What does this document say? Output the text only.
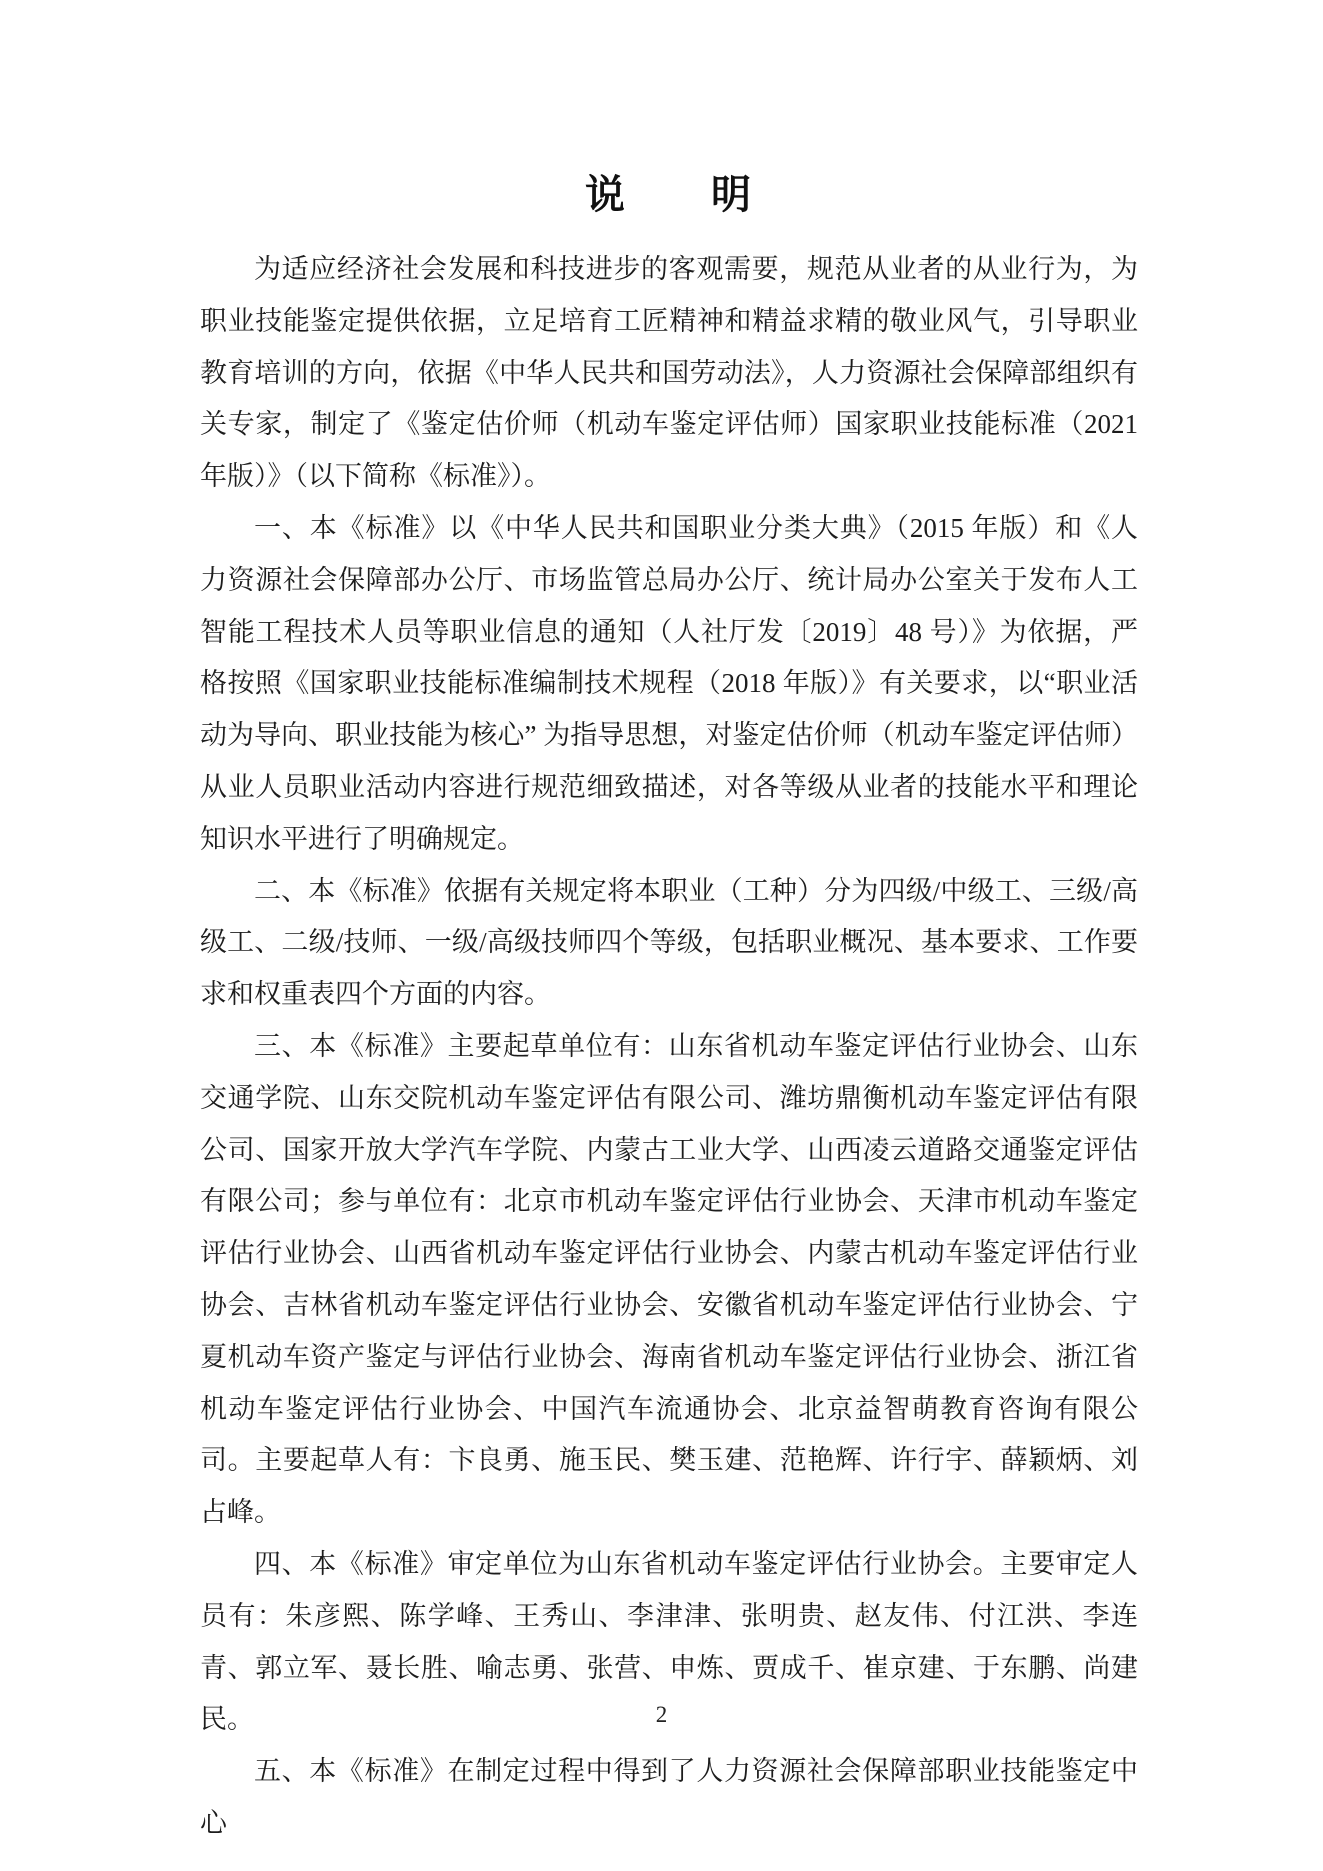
说　　明

为适应经济社会发展和科技进步的客观需要，规范从业者的从业行为，为职业技能鉴定提供依据，立足培育工匠精神和精益求精的敬业风气，引导职业教育培训的方向，依据《中华人民共和国劳动法》，人力资源社会保障部组织有关专家，制定了《鉴定估价师（机动车鉴定评估师）国家职业技能标准（2021 年版）》（以下简称《标准》）。

一、本《标准》以《中华人民共和国职业分类大典》（2015 年版）和《人力资源社会保障部办公厅、市场监管总局办公厅、统计局办公室关于发布人工智能工程技术人员等职业信息的通知（人社厅发〔2019〕48 号）》为依据，严格按照《国家职业技能标准编制技术规程（2018 年版）》有关要求，以“职业活动为导向、职业技能为核心” 为指导思想，对鉴定估价师（机动车鉴定评估师）从业人员职业活动内容进行规范细致描述，对各等级从业者的技能水平和理论知识水平进行了明确规定。

二、本《标准》依据有关规定将本职业（工种）分为四级/中级工、三级/高级工、二级/技师、一级/高级技师四个等级，包括职业概况、基本要求、工作要求和权重表四个方面的内容。

三、本《标准》主要起草单位有：山东省机动车鉴定评估行业协会、山东交通学院、山东交院机动车鉴定评估有限公司、潍坊鼎衡机动车鉴定评估有限公司、国家开放大学汽车学院、内蒙古工业大学、山西凌云道路交通鉴定评估有限公司；参与单位有：北京市机动车鉴定评估行业协会、天津市机动车鉴定评估行业协会、山西省机动车鉴定评估行业协会、内蒙古机动车鉴定评估行业协会、吉林省机动车鉴定评估行业协会、安徽省机动车鉴定评估行业协会、宁夏机动车资产鉴定与评估行业协会、海南省机动车鉴定评估行业协会、浙江省机动车鉴定评估行业协会、中国汽车流通协会、北京益智萌教育咨询有限公司。主要起草人有：卞良勇、施玉民、樊玉建、范艳辉、许行宇、薛颖炳、刘占峰。

四、本《标准》审定单位为山东省机动车鉴定评估行业协会。主要审定人员有：朱彦熙、陈学峰、王秀山、李津津、张明贵、赵友伟、付江洪、李连青、郭立军、聂长胜、喻志勇、张营、申炼、贾成千、崔京建、于东鹏、尚建民。

五、本《标准》在制定过程中得到了人力资源社会保障部职业技能鉴定中心

2
